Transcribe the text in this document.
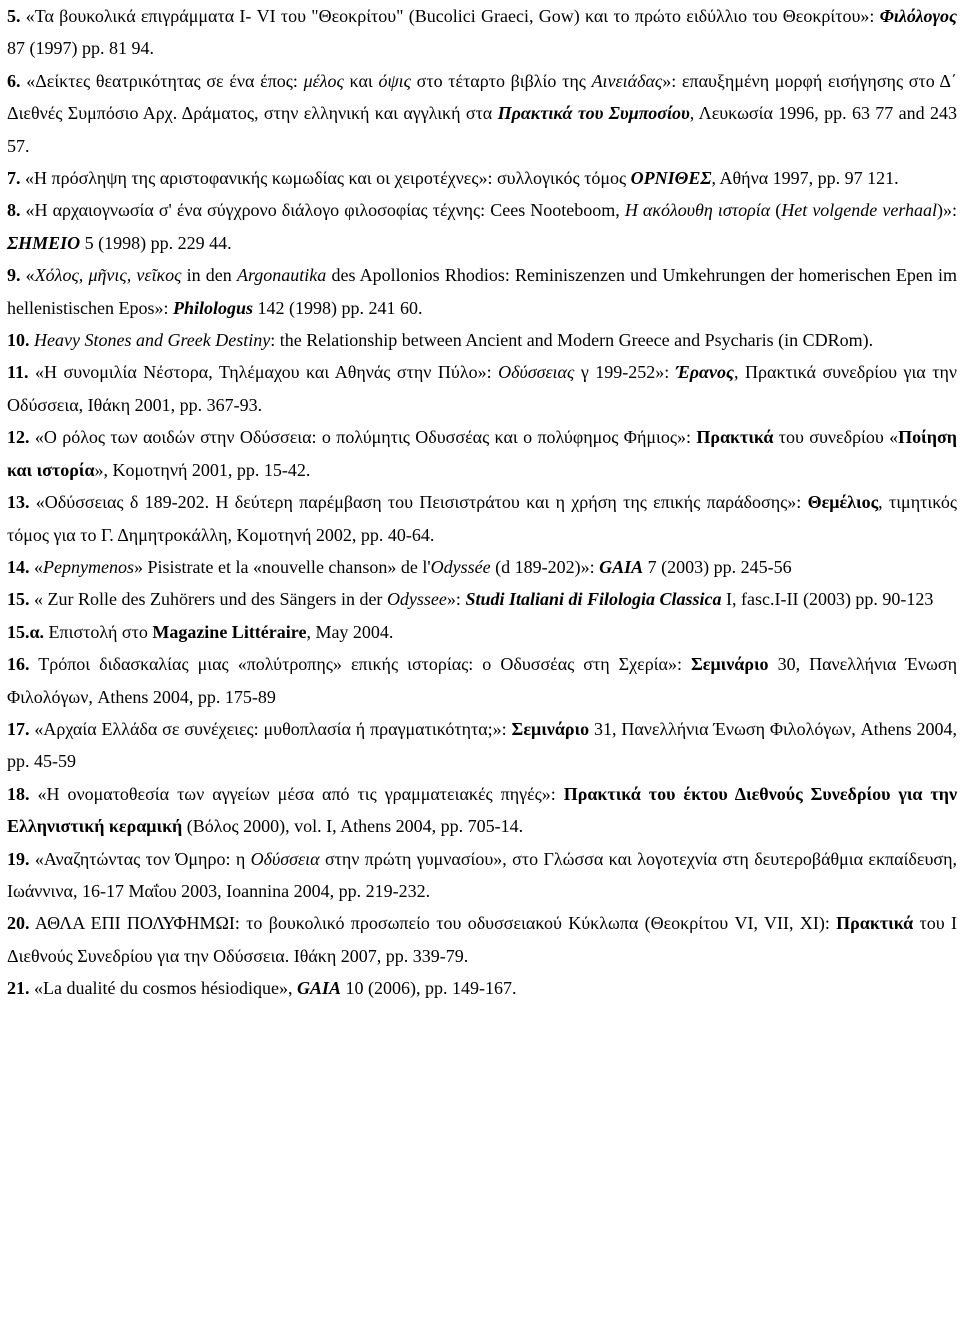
5. «Τα βουκολικά επιγράμματα Ι- VI του "Θεοκρίτου" (Bucolici Graeci, Gow) και το πρώτο ειδύλλιο του Θεοκρίτου»: Φιλόλογος 87 (1997) pp. 81 94.

6. «Δείκτες θεατρικότητας σε ένα έπος: μέλος και όψις στο τέταρτο βιβλίο της Αινειάδας»: επαυξημένη μορφή εισήγησης στο Δ΄ Διεθνές Συμπόσιο Αρχ. Δράματος, στην ελληνική και αγγλική στα Πρακτικά του Συμποσίου, Λευκωσία 1996, pp. 63 77 and 243 57.

7. «Η πρόσληψη της αριστοφανικής κωμωδίας και οι χειροτέχνες»: συλλογικός τόμος ΟΡΝΙΘΕΣ, Αθήνα 1997, pp. 97 121.

8. «Η αρχαιογνωσία σ' ένα σύγχρονο διάλογο φιλοσοφίας τέχνης: Cees Nooteboom, Η ακόλουθη ιστορία (Het volgende verhaal)»: ΣΗΜΕΙΟ 5 (1998) pp. 229 44.

9. «Χόλος, μῆνις, νεῖκος in den Argonautika des Apollonios Rhodios: Reminiszenzen und Umkehrungen der homerischen Epen im hellenistischen Epos»: Philologus 142 (1998) pp. 241 60.

10. Heavy Stones and Greek Destiny: the Relationship between Ancient and Modern Greece and Psycharis (in CDRom).

11. «Η συνομιλία Νέστορα, Τηλέμαχου και Αθηνάς στην Πύλο»: Οδύσσειας γ 199-252»: Έρανος, Πρακτικά συνεδρίου για την Οδύσσεια, Ιθάκη 2001, pp. 367-93.

12. «Ο ρόλος των αοιδών στην Οδύσσεια: ο πολύμητις Οδυσσέας και ο πολύφημος Φήμιος»: Πρακτικά του συνεδρίου «Ποίηση και ιστορία», Κομοτηνή 2001, pp. 15-42.

13. «Οδύσσειας δ 189-202. Η δεύτερη παρέμβαση του Πεισιστράτου και η χρήση της επικής παράδοσης»: Θεμέλιος, τιμητικός τόμος για το Γ. Δημητροκάλλη, Κομοτηνή 2002, pp. 40-64.

14. «Pepnymenos» Pisistrate et la «nouvelle chanson» de l'Odyssée (d 189-202)»: GAIA 7 (2003) pp. 245-56

15. « Zur Rolle des Zuhörers und des Sängers in der Odyssee»: Studi Italiani di Filologia Classica I, fasc.I-II (2003) pp. 90-123

15.α. Επιστολή στο Magazine Littéraire, May 2004.

16. Τρόποι διδασκαλίας μιας «πολύτροπης» επικής ιστορίας: ο Οδυσσέας στη Σχερία»: Σεμινάριο 30, Πανελλήνια Ένωση Φιλολόγων, Athens 2004, pp. 175-89

17. «Αρχαία Ελλάδα σε συνέχειες: μυθοπλασία ή πραγματικότητα;»: Σεμινάριο 31, Πανελλήνια Ένωση Φιλολόγων, Athens 2004, pp. 45-59

18. «Η ονοματοθεσία των αγγείων μέσα από τις γραμματειακές πηγές»: Πρακτικά του έκτου Διεθνούς Συνεδρίου για την Ελληνιστική κεραμική (Βόλος 2000), vol. I, Athens 2004, pp. 705-14.

19. «Αναζητώντας τον Όμηρο: η Οδύσσεια στην πρώτη γυμνασίου», στο Γλώσσα και λογοτεχνία στη δευτεροβάθμια εκπαίδευση, Ιωάννινα, 16-17 Μαΐου 2003, Ioannina 2004, pp. 219-232.

20. ΑΘΛΑ ΕΠΙ ΠΟΛΥΦΗΜΩΙ: το βουκολικό προσωπείο του οδυσσειακού Κύκλωπα (Θεοκρίτου VI, VII, XI): Πρακτικά του Ι Διεθνούς Συνεδρίου για την Οδύσσεια. Ιθάκη 2007, pp. 339-79.

21. «La dualité du cosmos hésiodique», GAIA 10 (2006), pp. 149-167.
